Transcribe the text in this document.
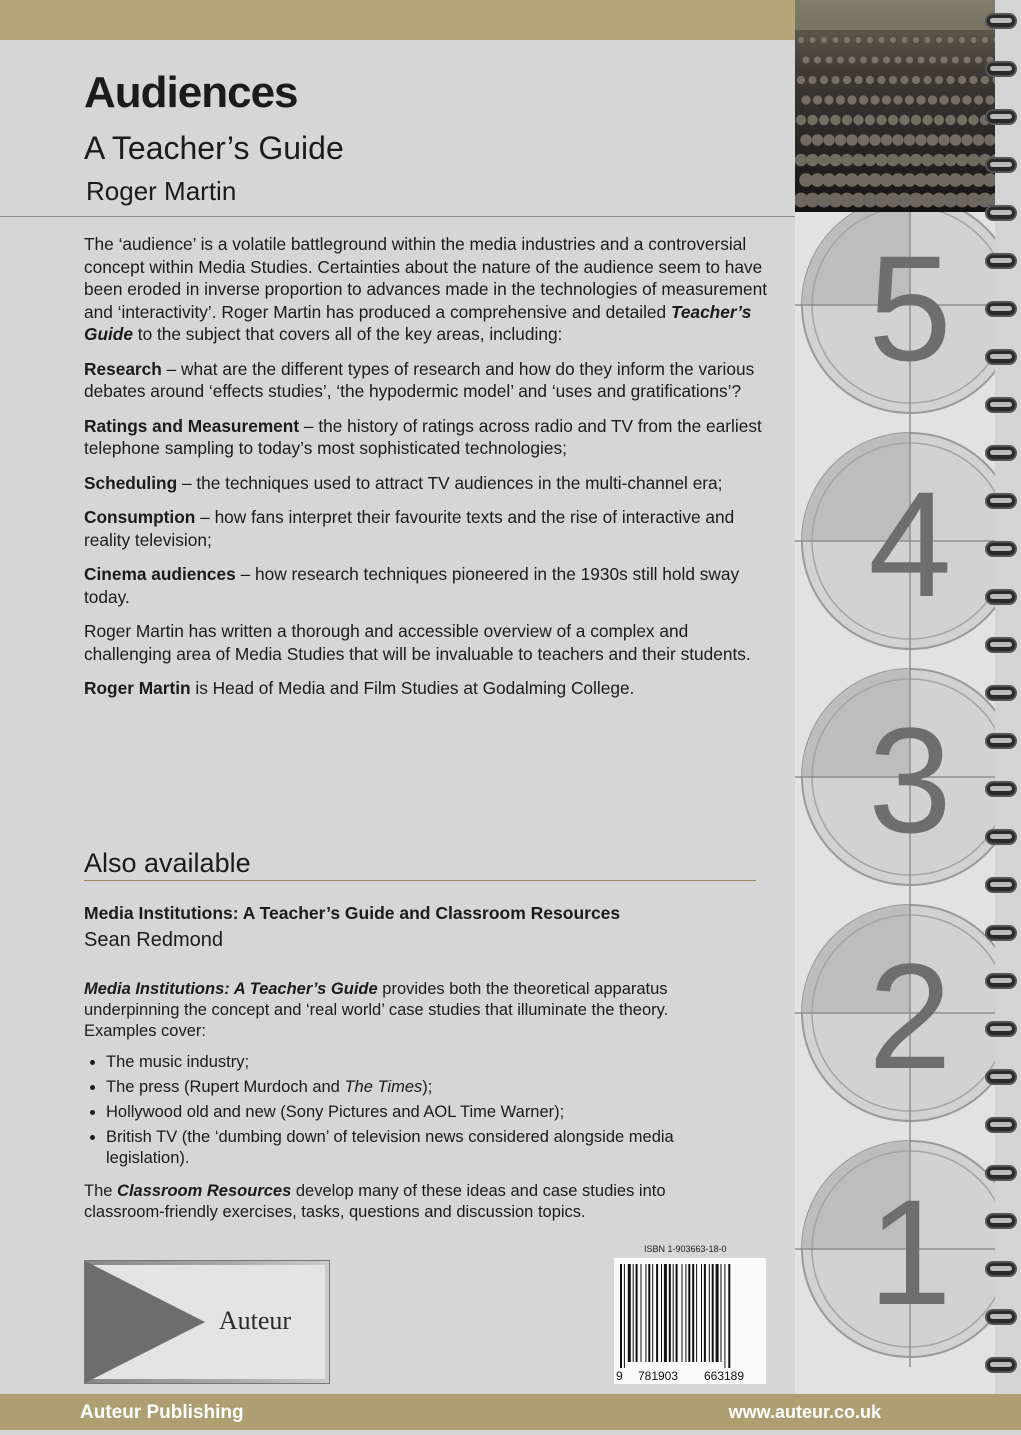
5
4
3
2
1
Audiences
A Teacher’s Guide
Roger Martin

The ‘audience’ is a volatile battleground within the media industries and a controversial concept within Media Studies. Certainties about the nature of the audience seem to have been eroded in inverse proportion to advances made in the technologies of measurement and ‘interactivity’. Roger Martin has produced a comprehensive and detailed Teacher’s Guide to the subject that covers all of the key areas, including:

Research – what are the different types of research and how do they inform the various debates around ‘effects studies’, ‘the hypodermic model’ and ‘uses and gratifications’?

Ratings and Measurement – the history of ratings across radio and TV from the earliest telephone sampling to today’s most sophisticated technologies;

Scheduling – the techniques used to attract TV audiences in the multi-channel era;

Consumption – how fans interpret their favourite texts and the rise of interactive and reality television;

Cinema audiences – how research techniques pioneered in the 1930s still hold sway today.

Roger Martin has written a thorough and accessible overview of a complex and challenging area of Media Studies that will be invaluable to teachers and their students.

Roger Martin is Head of Media and Film Studies at Godalming College.

Also available
Media Institutions: A Teacher’s Guide and Classroom Resources
Sean Redmond

Media Institutions: A Teacher’s Guide provides both the theoretical apparatus underpinning the concept and ‘real world’ case studies that illuminate the theory. Examples cover:

• The music industry;
• The press (Rupert Murdoch and The Times);
• Hollywood old and new (Sony Pictures and AOL Time Warner);
• British TV (the ‘dumbing down’ of television news considered alongside media legislation).

The Classroom Resources develop many of these ideas and case studies into classroom-friendly exercises, tasks, questions and discussion topics.

Auteur
ISBN 1-903663-18-0
9 781903 663189
Auteur Publishing	www.auteur.co.uk
